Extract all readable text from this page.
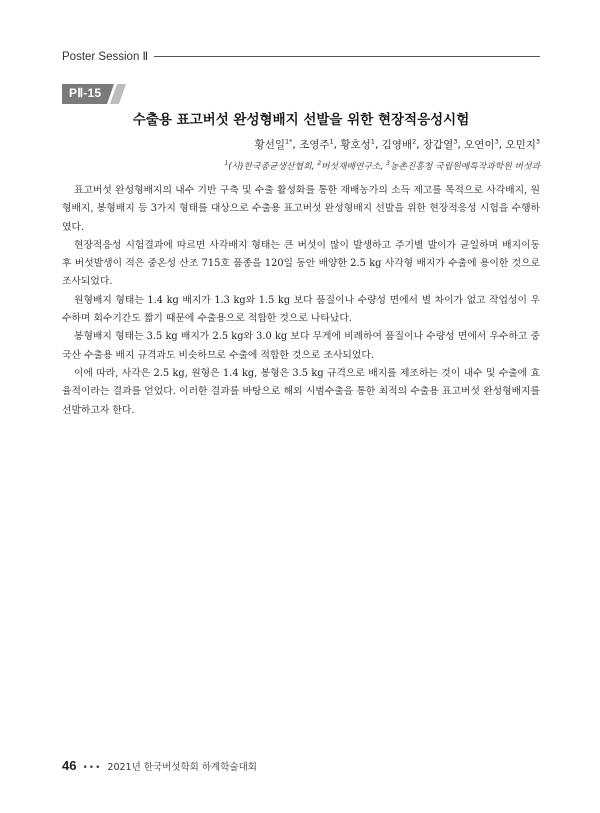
Poster Session Ⅱ
PⅡ-15
수출용 표고버섯 완성형배지 선발을 위한 현장적응성시험
황선일$^{1*}$, 조영주$^1$, 황호성$^1$, 김영배$^2$, 장갑열$^3$, 오연이$^3$, 오민지$^3$
$^1$(사)한국종균생산협회, $^2$버섯재배연구소, $^3$농촌진흥청 국립원예특작과학원 버섯과

표고버섯 완성형배지의 내수 기반 구축 및 수출 활성화를 통한 재배농가의 소득 제고를 목적으로 사각배지, 원형배지, 봉형배지 등 3가지 형태를 대상으로 수출용 표고버섯 완성형배지 선발을 위한 현장적응성 시험을 수행하였다.

현장적응성 시험결과에 따르면 사각배지 형태는 큰 버섯이 많이 발생하고 주기별 발이가 균일하며 배지이동 후 버섯발생이 적은 중온성 산조 715호 품종을 120일 동안 배양한 2.5 kg 사각형 배지가 수출에 용이한 것으로 조사되었다.

원형배지 형태는 1.4 kg 배지가 1.3 kg와 1.5 kg 보다 품질이나 수량성 면에서 별 차이가 없고 작업성이 우수하며 회수기간도 짧기 때문에 수출용으로 적합한 것으로 나타났다.

봉형배지 형태는 3.5 kg 배지가 2.5 kg와 3.0 kg 보다 무게에 비례하여 품질이나 수량성 면에서 우수하고 중국산 수출용 배지 규격과도 비슷하므로 수출에 적합한 것으로 조사되었다.

이에 따라, 사각은 2.5 kg, 원형은 1.4 kg, 봉형은 3.5 kg 규격으로 배지를 제조하는 것이 내수 및 수출에 효율적이라는 결과를 얻었다. 이러한 결과를 바탕으로 해외 시범수출을 통한 최적의 수출용 표고버섯 완성형배지를 선발하고자 한다.

46 ••• 2021년 한국버섯학회 하계학술대회
